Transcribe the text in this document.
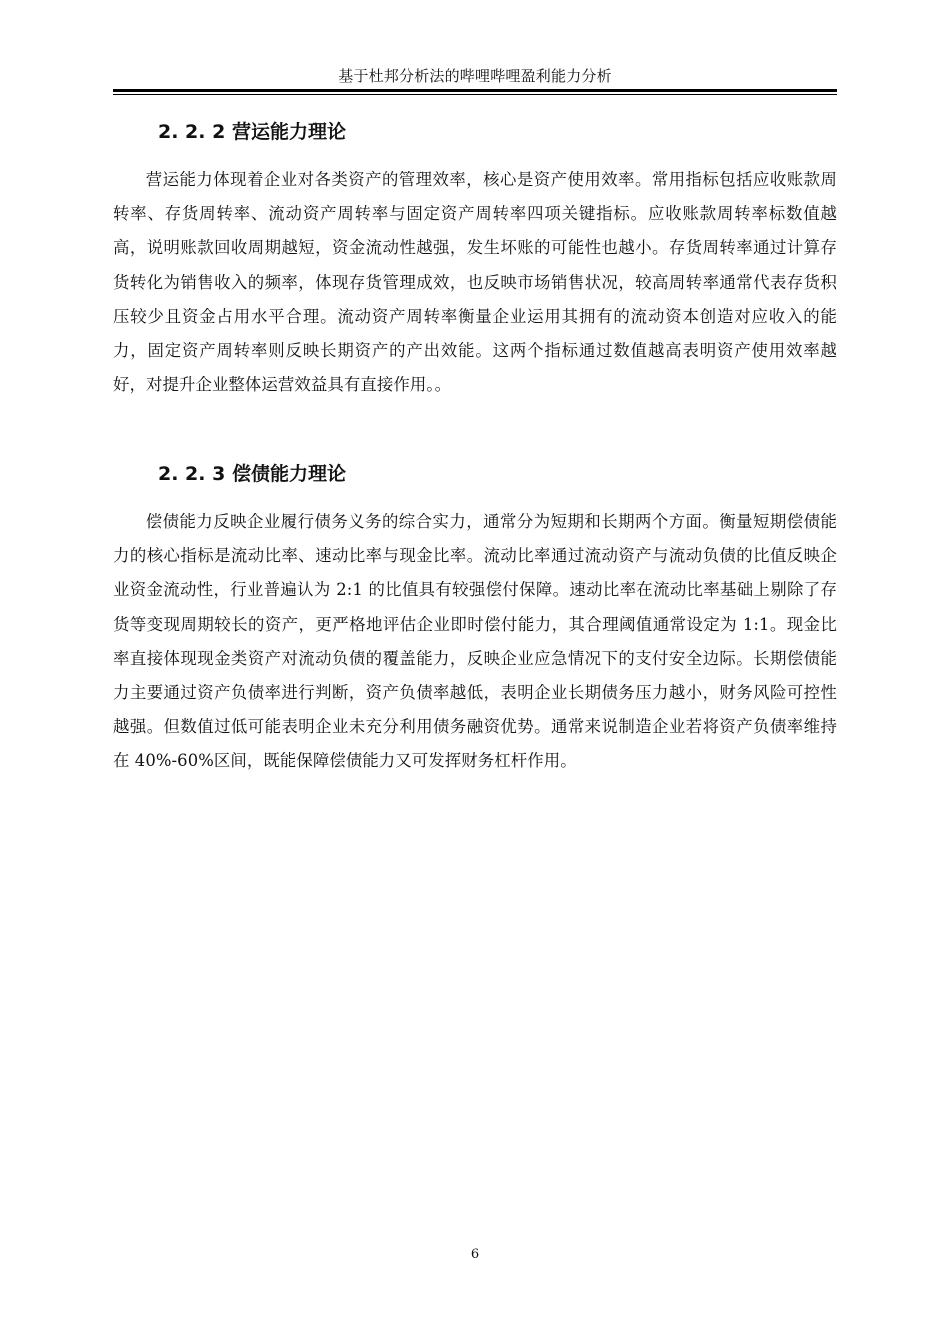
基于杜邦分析法的哔哩哔哩盈利能力分析
2. 2. 2 营运能力理论

营运能力体现着企业对各类资产的管理效率，核心是资产使用效率。常用指标包括应收账款周转率、存货周转率、流动资产周转率与固定资产周转率四项关键指标。应收账款周转率标数值越高，说明账款回收周期越短，资金流动性越强，发生坏账的可能性也越小。存货周转率通过计算存货转化为销售收入的频率，体现存货管理成效，也反映市场销售状况，较高周转率通常代表存货积压较少且资金占用水平合理。流动资产周转率衡量企业运用其拥有的流动资本创造对应收入的能力，固定资产周转率则反映长期资产的产出效能。这两个指标通过数值越高表明资产使用效率越好，对提升企业整体运营效益具有直接作用。。

2. 2. 3 偿债能力理论

偿债能力反映企业履行债务义务的综合实力，通常分为短期和长期两个方面。衡量短期偿债能力的核心指标是流动比率、速动比率与现金比率。流动比率通过流动资产与流动负债的比值反映企业资金流动性，行业普遍认为 2:1 的比值具有较强偿付保障。速动比率在流动比率基础上剔除了存货等变现周期较长的资产，更严格地评估企业即时偿付能力，其合理阈值通常设定为 1:1。现金比率直接体现现金类资产对流动负债的覆盖能力，反映企业应急情况下的支付安全边际。长期偿债能力主要通过资产负债率进行判断，资产负债率越低，表明企业长期债务压力越小，财务风险可控性越强。但数值过低可能表明企业未充分利用债务融资优势。通常来说制造企业若将资产负债率维持在 40%-60%区间，既能保障偿债能力又可发挥财务杠杆作用。

6
